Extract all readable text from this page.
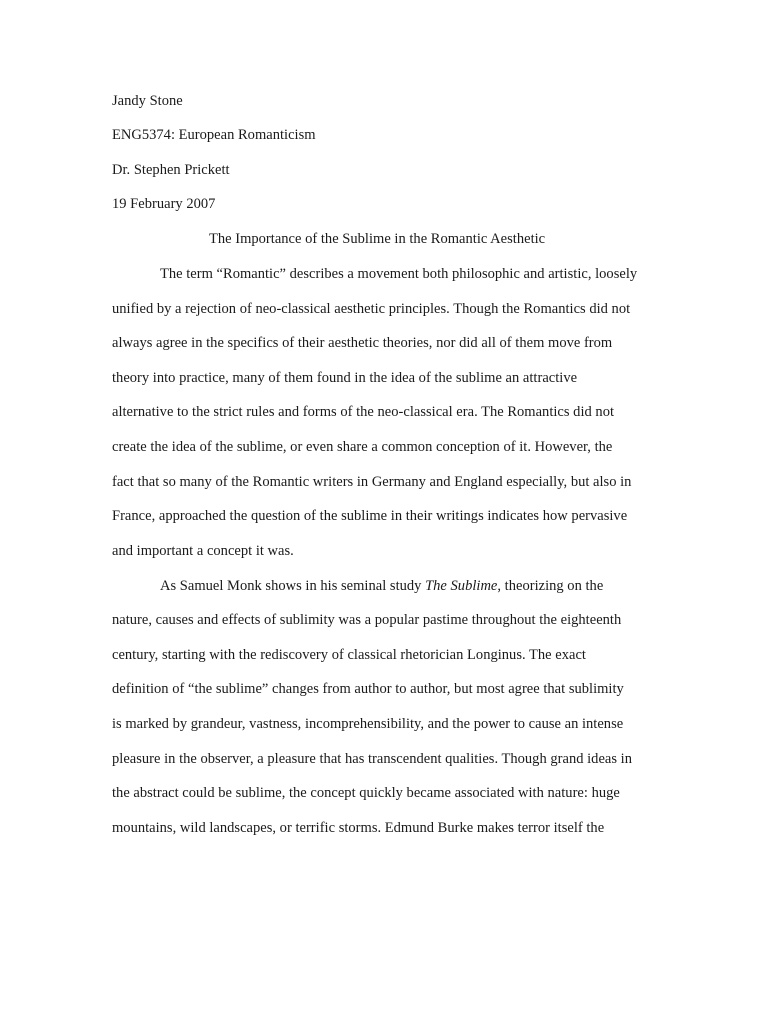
Jandy Stone
ENG5374: European Romanticism
Dr. Stephen Prickett
19 February 2007
The Importance of the Sublime in the Romantic Aesthetic
The term “Romantic” describes a movement both philosophic and artistic, loosely
unified by a rejection of neo-classical aesthetic principles. Though the Romantics did not
always agree in the specifics of their aesthetic theories, nor did all of them move from
theory into practice, many of them found in the idea of the sublime an attractive
alternative to the strict rules and forms of the neo-classical era. The Romantics did not
create the idea of the sublime, or even share a common conception of it. However, the
fact that so many of the Romantic writers in Germany and England especially, but also in
France, approached the question of the sublime in their writings indicates how pervasive
and important a concept it was.
As Samuel Monk shows in his seminal study The Sublime, theorizing on the
nature, causes and effects of sublimity was a popular pastime throughout the eighteenth
century, starting with the rediscovery of classical rhetorician Longinus. The exact
definition of “the sublime” changes from author to author, but most agree that sublimity
is marked by grandeur, vastness, incomprehensibility, and the power to cause an intense
pleasure in the observer, a pleasure that has transcendent qualities. Though grand ideas in
the abstract could be sublime, the concept quickly became associated with nature: huge
mountains, wild landscapes, or terrific storms. Edmund Burke makes terror itself the
